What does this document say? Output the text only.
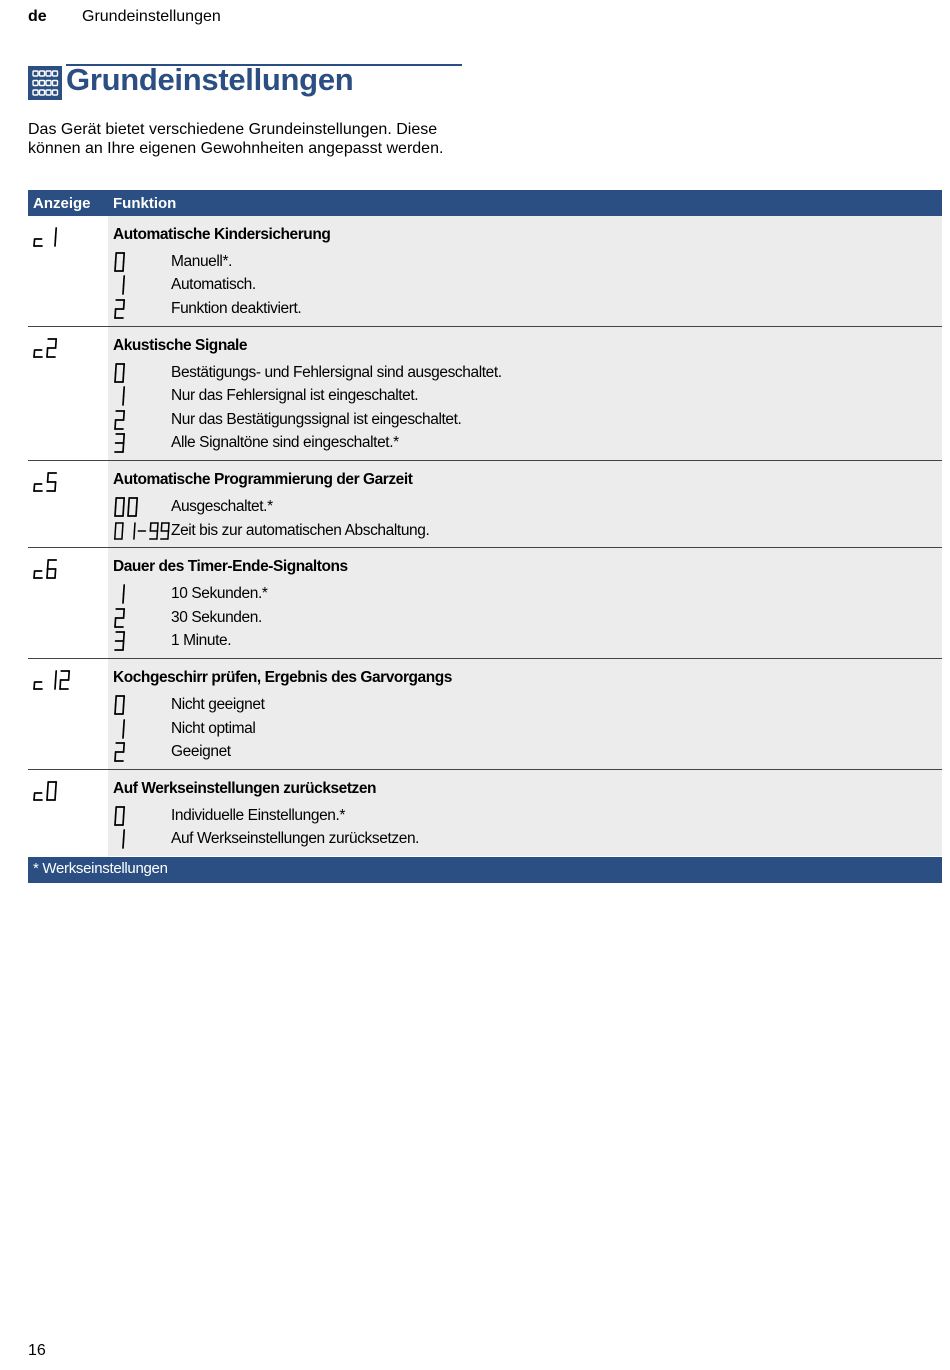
de Grundeinstellungen
Grundeinstellungen

Das Gerät bietet verschiedene Grundeinstellungen. Diese können an Ihre eigenen Gewohnheiten angepasst werden.

Anzeige	Funktion
Automatische Kindersicherung
Manuell*.
Automatisch.
Funktion deaktiviert.
Akustische Signale
Bestätigungs- und Fehlersignal sind ausgeschaltet.
Nur das Fehlersignal ist eingeschaltet.
Nur das Bestätigungssignal ist eingeschaltet.
Alle Signaltöne sind eingeschaltet.*
Automatische Programmierung der Garzeit
Ausgeschaltet.*
Zeit bis zur automatischen Abschaltung.
Dauer des Timer-Ende-Signaltons
10 Sekunden.*
30 Sekunden.
1 Minute.
Kochgeschirr prüfen, Ergebnis des Garvorgangs
Nicht geeignet
Nicht optimal
Geeignet
Auf Werkseinstellungen zurücksetzen
Individuelle Einstellungen.*
Auf Werkseinstellungen zurücksetzen.
* Werkseinstellungen
16
